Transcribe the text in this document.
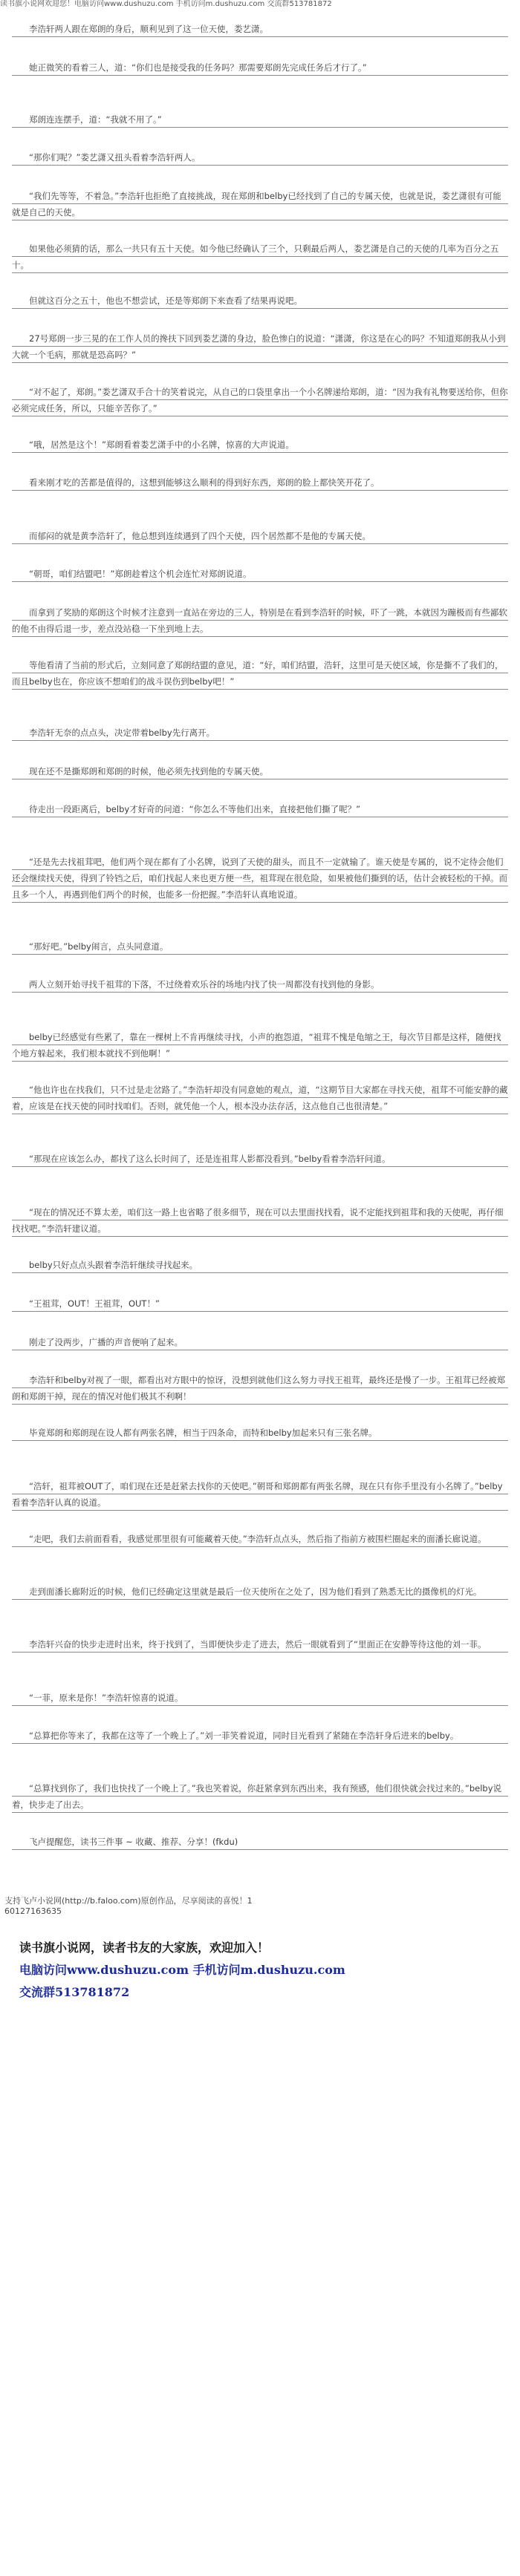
读书旗小说网欢迎您！电脑访问www.dushuzu.com 手机访问m.dushuzu.com 交流群513781872

李浩轩两人跟在郑朗的身后，顺利见到了这一位天使，娄艺潇。

她正微笑的看着三人，道：“你们也是接受我的任务吗？那需要郑朗先完成任务后才行了。”

郑朗连连摆手，道：“我就不用了。”

“那你们呢？”娄艺潇又扭头看着李浩轩两人。

“我们先等等，不着急。”李浩轩也拒绝了直接挑战，现在郑朗和belby已经找到了自己的专属天使，也就是说，娄艺潇很有可能就是自己的天使。

如果他必须猜的话，那么一共只有五十天使。如今他已经确认了三个，只剩最后两人，娄艺潇是自己的天使的几率为百分之五十。

但就这百分之五十，他也不想尝试，还是等郑朗下来查看了结果再说吧。

27号郑朗一步三晃的在工作人员的搀扶下回到娄艺潇的身边，脸色惨白的说道：“潇潇，你这是在心的吗？不知道郑朗我从小到大就一个毛病，那就是恐高吗？”

“对不起了，郑朗。”娄艺潇双手合十的笑着说完，从自己的口袋里拿出一个小名牌递给郑朗，道：“因为我有礼物要送给你，但你必须完成任务，所以，只能辛苦你了。”

“哦，居然是这个！”郑朗看着娄艺潇手中的小名牌，惊喜的大声说道。

看来刚才吃的苦都是值得的，这想到能够这么顺利的得到好东西，郑朗的脸上都快笑开花了。

而郁闷的就是黄李浩轩了，他总想到连续遇到了四个天使，四个居然都不是他的专属天使。

“朝哥，咱们结盟吧！”郑朗趁着这个机会连忙对郑朗说道。

而拿到了奖励的郑朗这个时候才注意到一直站在旁边的三人，特别是在看到李浩轩的时候，吓了一跳，本就因为蹦极而有些鄙软的他不由得后退一步，差点没站稳一下坐到地上去。

等他看清了当前的形式后，立刻同意了郑朗结盟的意见，道：“好，咱们结盟，浩轩，这里可是天使区域，你是撕不了我们的，而且belby也在，你应该不想咱们的战斗误伤到belby吧！”

李浩轩无奈的点点头，决定带着belby先行离开。

现在还不是撕郑朗和郑朗的时候，他必须先找到他的专属天使。

待走出一段距离后，belby才好奇的问道：“你怎么不等他们出来，直接把他们撕了呢？”

“还是先去找祖茸吧，他们两个现在都有了小名牌，说到了天使的甜头，而且不一定就输了。谁天使是专属的，说不定待会他们还会继续找天使，得到了铃铛之后，咱们找起人来也更方便一些，祖茸现在很危险，如果被他们撕到的话，估计会被轻松的干掉。而且多一个人，再遇到他们两个的时候，也能多一份把握。”李浩轩认真地说道。

“那好吧。”belby闹言，点头同意道。

两人立刻开始寻找千祖茸的下落，不过绕着欢乐谷的场地内找了快一周都没有找到他的身影。

belby已经感觉有些累了，靠在一棵树上不肯再继续寻找，小声的抱怨道，“祖茸不愧是龟缩之王，每次节目都是这样，随便找个地方躲起来，我们根本就找不到他啊！”

“他也许也在找我们，只不过是走岔路了。”李浩轩却没有同意她的观点，道，“这期节目大家都在寻找天使，祖茸不可能安静的藏着，应该是在找天使的同时找咱们。否则，就凭他一个人，根本没办法存活，这点他自己也很清楚。”

“那现在应该怎么办，都找了这么长时间了，还是连祖茸人影都没看到。”belby看着李浩轩问道。

“现在的情况还不算太差，咱们这一路上也省略了很多细节，现在可以去里面找找看，说不定能找到祖茸和我的天使呢，再仔细找找吧。”李浩轩建议道。

belby只好点点头跟着李浩轩继续寻找起来。

“王祖茸，OUT！王祖茸，OUT！”

刚走了没两步，广播的声音便响了起来。

李浩轩和belby对视了一眼，都看出对方眼中的惊讶，没想到就他们这么努力寻找王祖茸，最终还是慢了一步。王祖茸已经被郑朗和郑朗干掉，现在的情况对他们极其不利啊！

毕竟郑朗和郑朗现在设人都有两张名牌，相当于四条命，而特和belby加起来只有三张名牌。

“浩轩，祖茸被OUT了，咱们现在还是赶紧去找你的天使吧。”朝哥和郑朗都有两张名牌，现在只有你手里没有小名牌了。”belby看着李浩轩认真的说道。

“走吧，我们去前面看看，我感觉那里很有可能藏着天使。”李浩轩点点头，然后指了指前方被围栏圈起来的面潘长廊说道。

走到面潘长廊附近的时候，他们已经确定这里就是最后一位天使所在之处了，因为他们看到了熟悉无比的摄像机的灯光。

李浩轩兴奋的快步走进时出来，终于找到了，当即便快步走了进去，然后一眼就看到了“里面正在安静等待这他的刘一菲。

“一菲，原来是你！”李浩轩惊喜的说道。

“总算把你等来了，我都在这等了一个晚上了。”刘一菲笑着说道，同时目光看到了紧随在李浩轩身后进来的belby。

“总算找到你了，我们也快找了一个晚上了。”我也笑着说，你赶紧拿到东西出来，我有预感，他们很快就会找过来的。”belby说着，快步走了出去。

飞卢提醒您，读书三件事 ~ 收藏、推荐、分享！(fkdu)

支持飞卢小说网(http://b.faloo.com)原创作品，尽享阅读的喜悦！1

60127163635

读书旗小说网，读者书友的大家族，欢迎加入！

电脑访问www.dushuzu.com 手机访问m.dushuzu.com

交流群513781872
